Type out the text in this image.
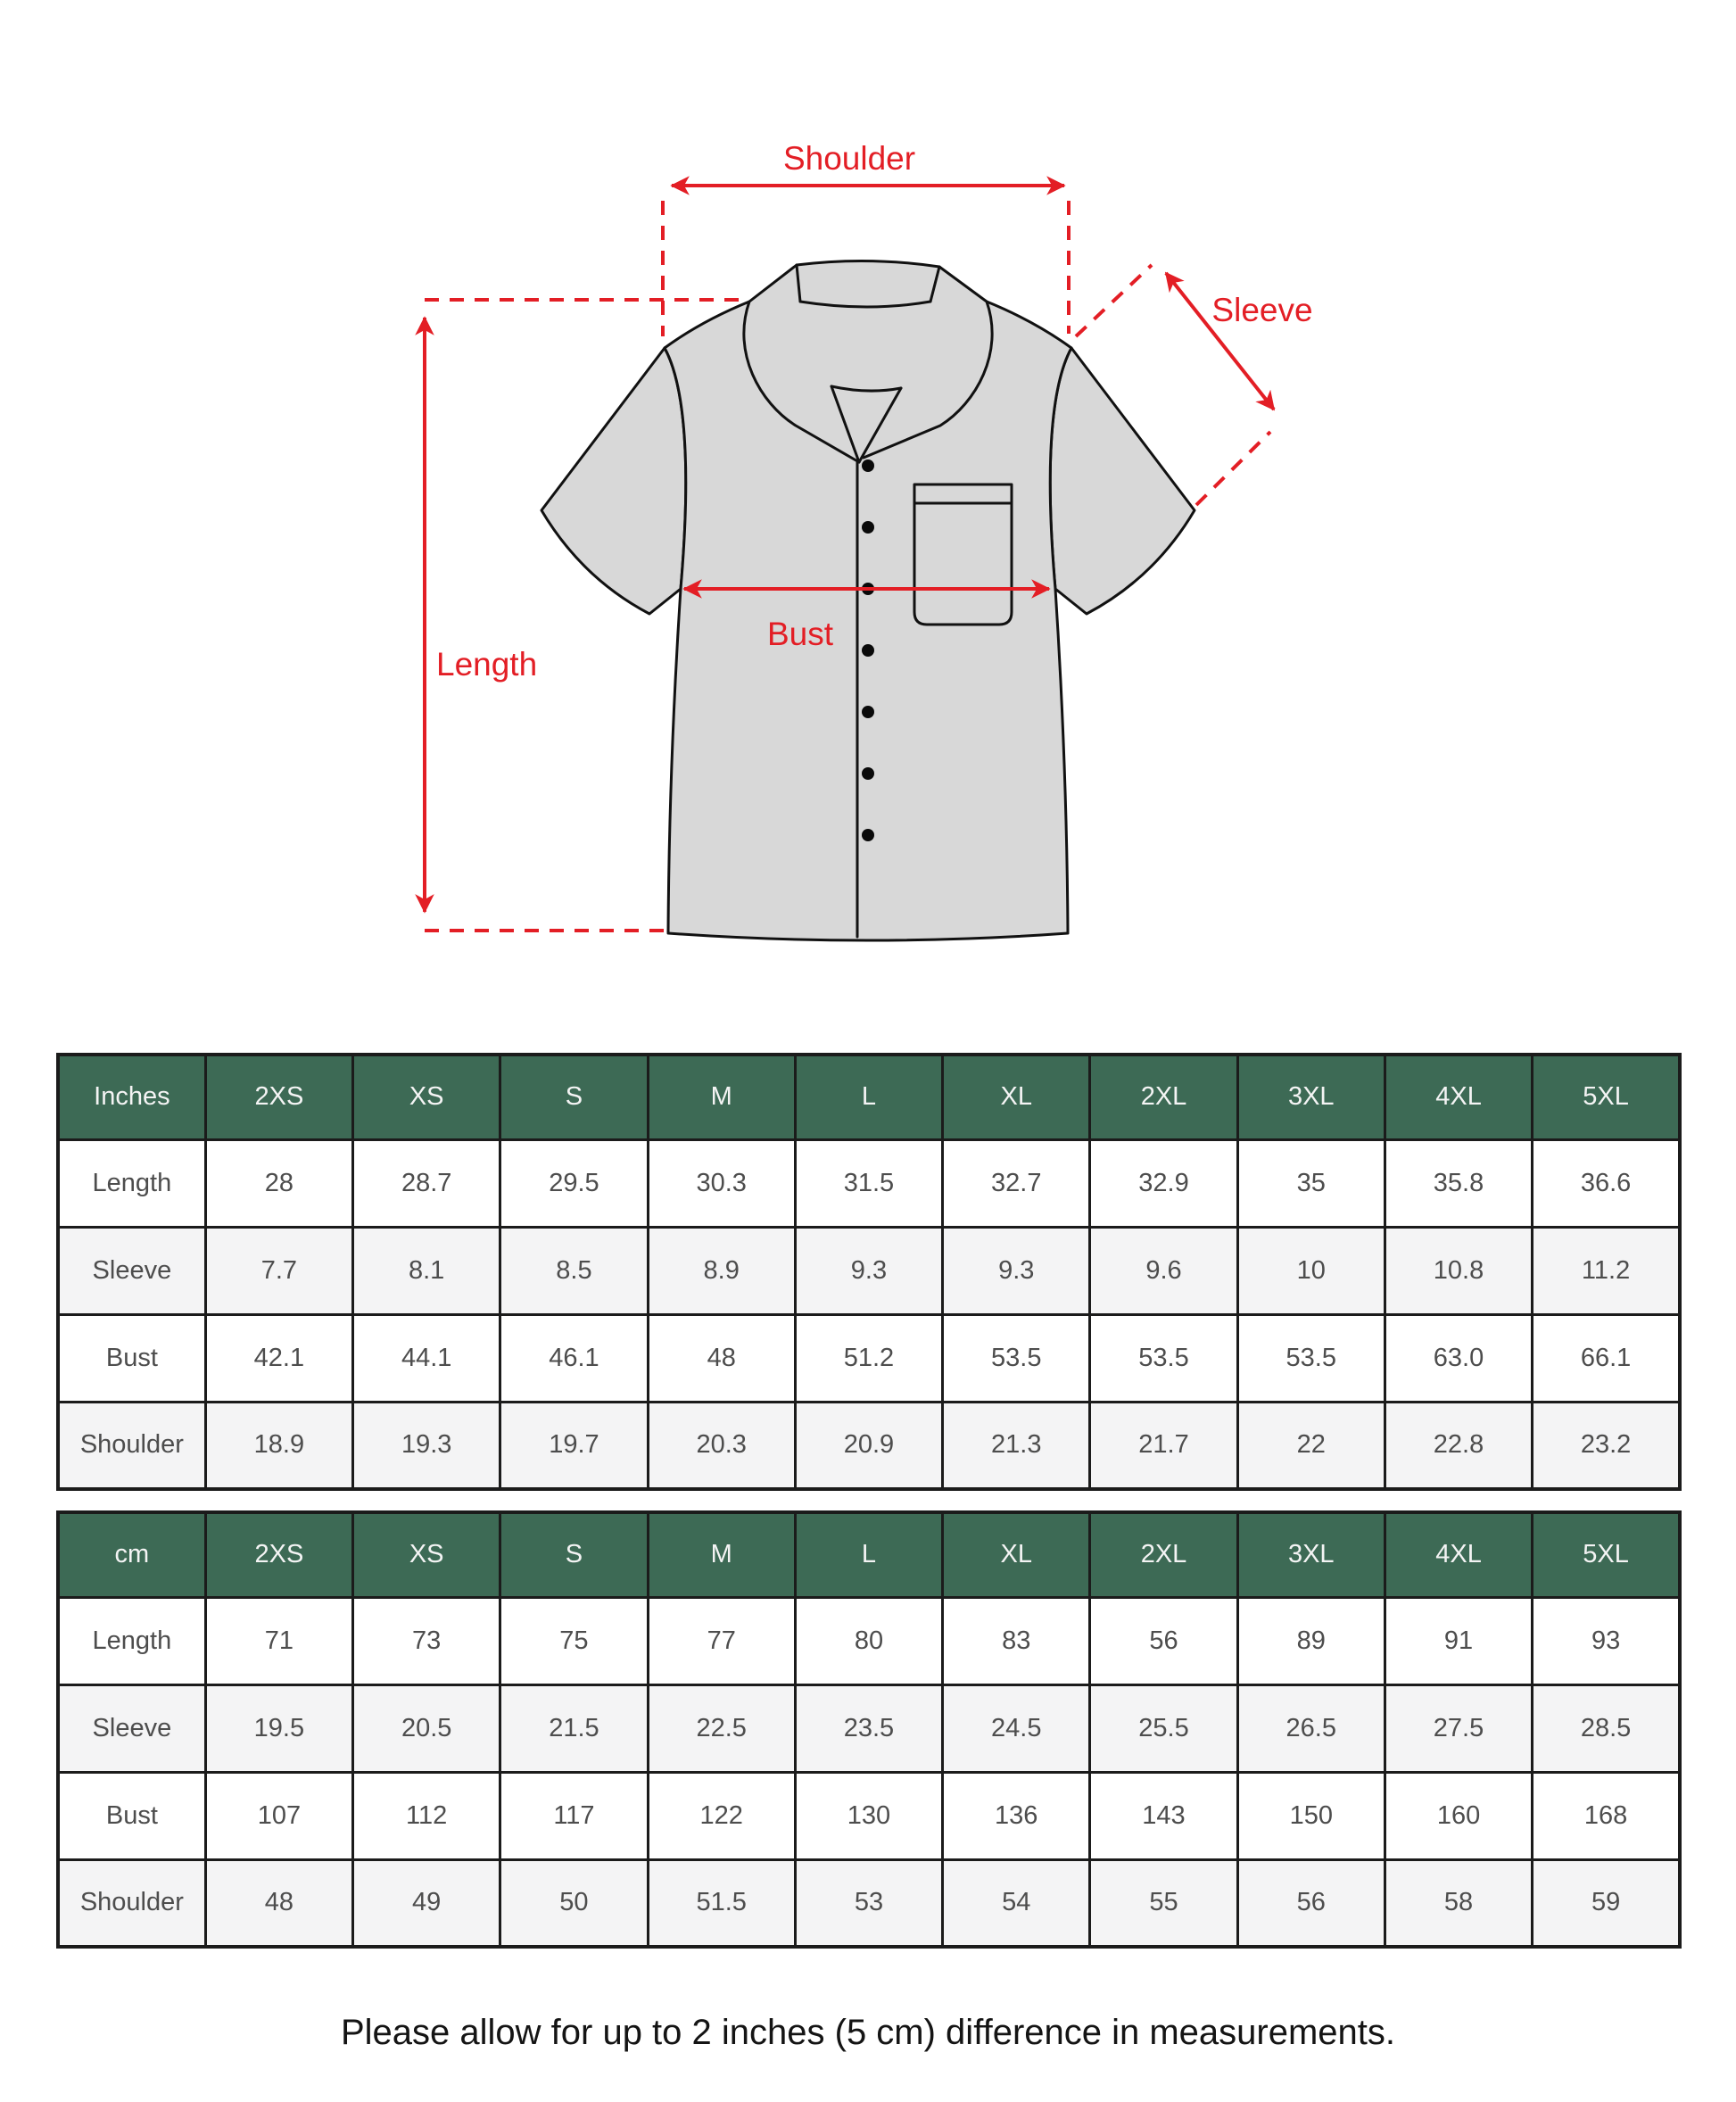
Shoulder
Length
Bust
Sleeve
Inches	2XS	XS	S	M	L	XL	2XL	3XL	4XL	5XL
Length	28	28.7	29.5	30.3	31.5	32.7	32.9	35	35.8	36.6
Sleeve	7.7	8.1	8.5	8.9	9.3	9.3	9.6	10	10.8	11.2
Bust	42.1	44.1	46.1	48	51.2	53.5	53.5	53.5	63.0	66.1
Shoulder	18.9	19.3	19.7	20.3	20.9	21.3	21.7	22	22.8	23.2
cm	2XS	XS	S	M	L	XL	2XL	3XL	4XL	5XL
Length	71	73	75	77	80	83	56	89	91	93
Sleeve	19.5	20.5	21.5	22.5	23.5	24.5	25.5	26.5	27.5	28.5
Bust	107	112	117	122	130	136	143	150	160	168
Shoulder	48	49	50	51.5	53	54	55	56	58	59
Please allow for up to 2 inches (5 cm) difference in measurements.
